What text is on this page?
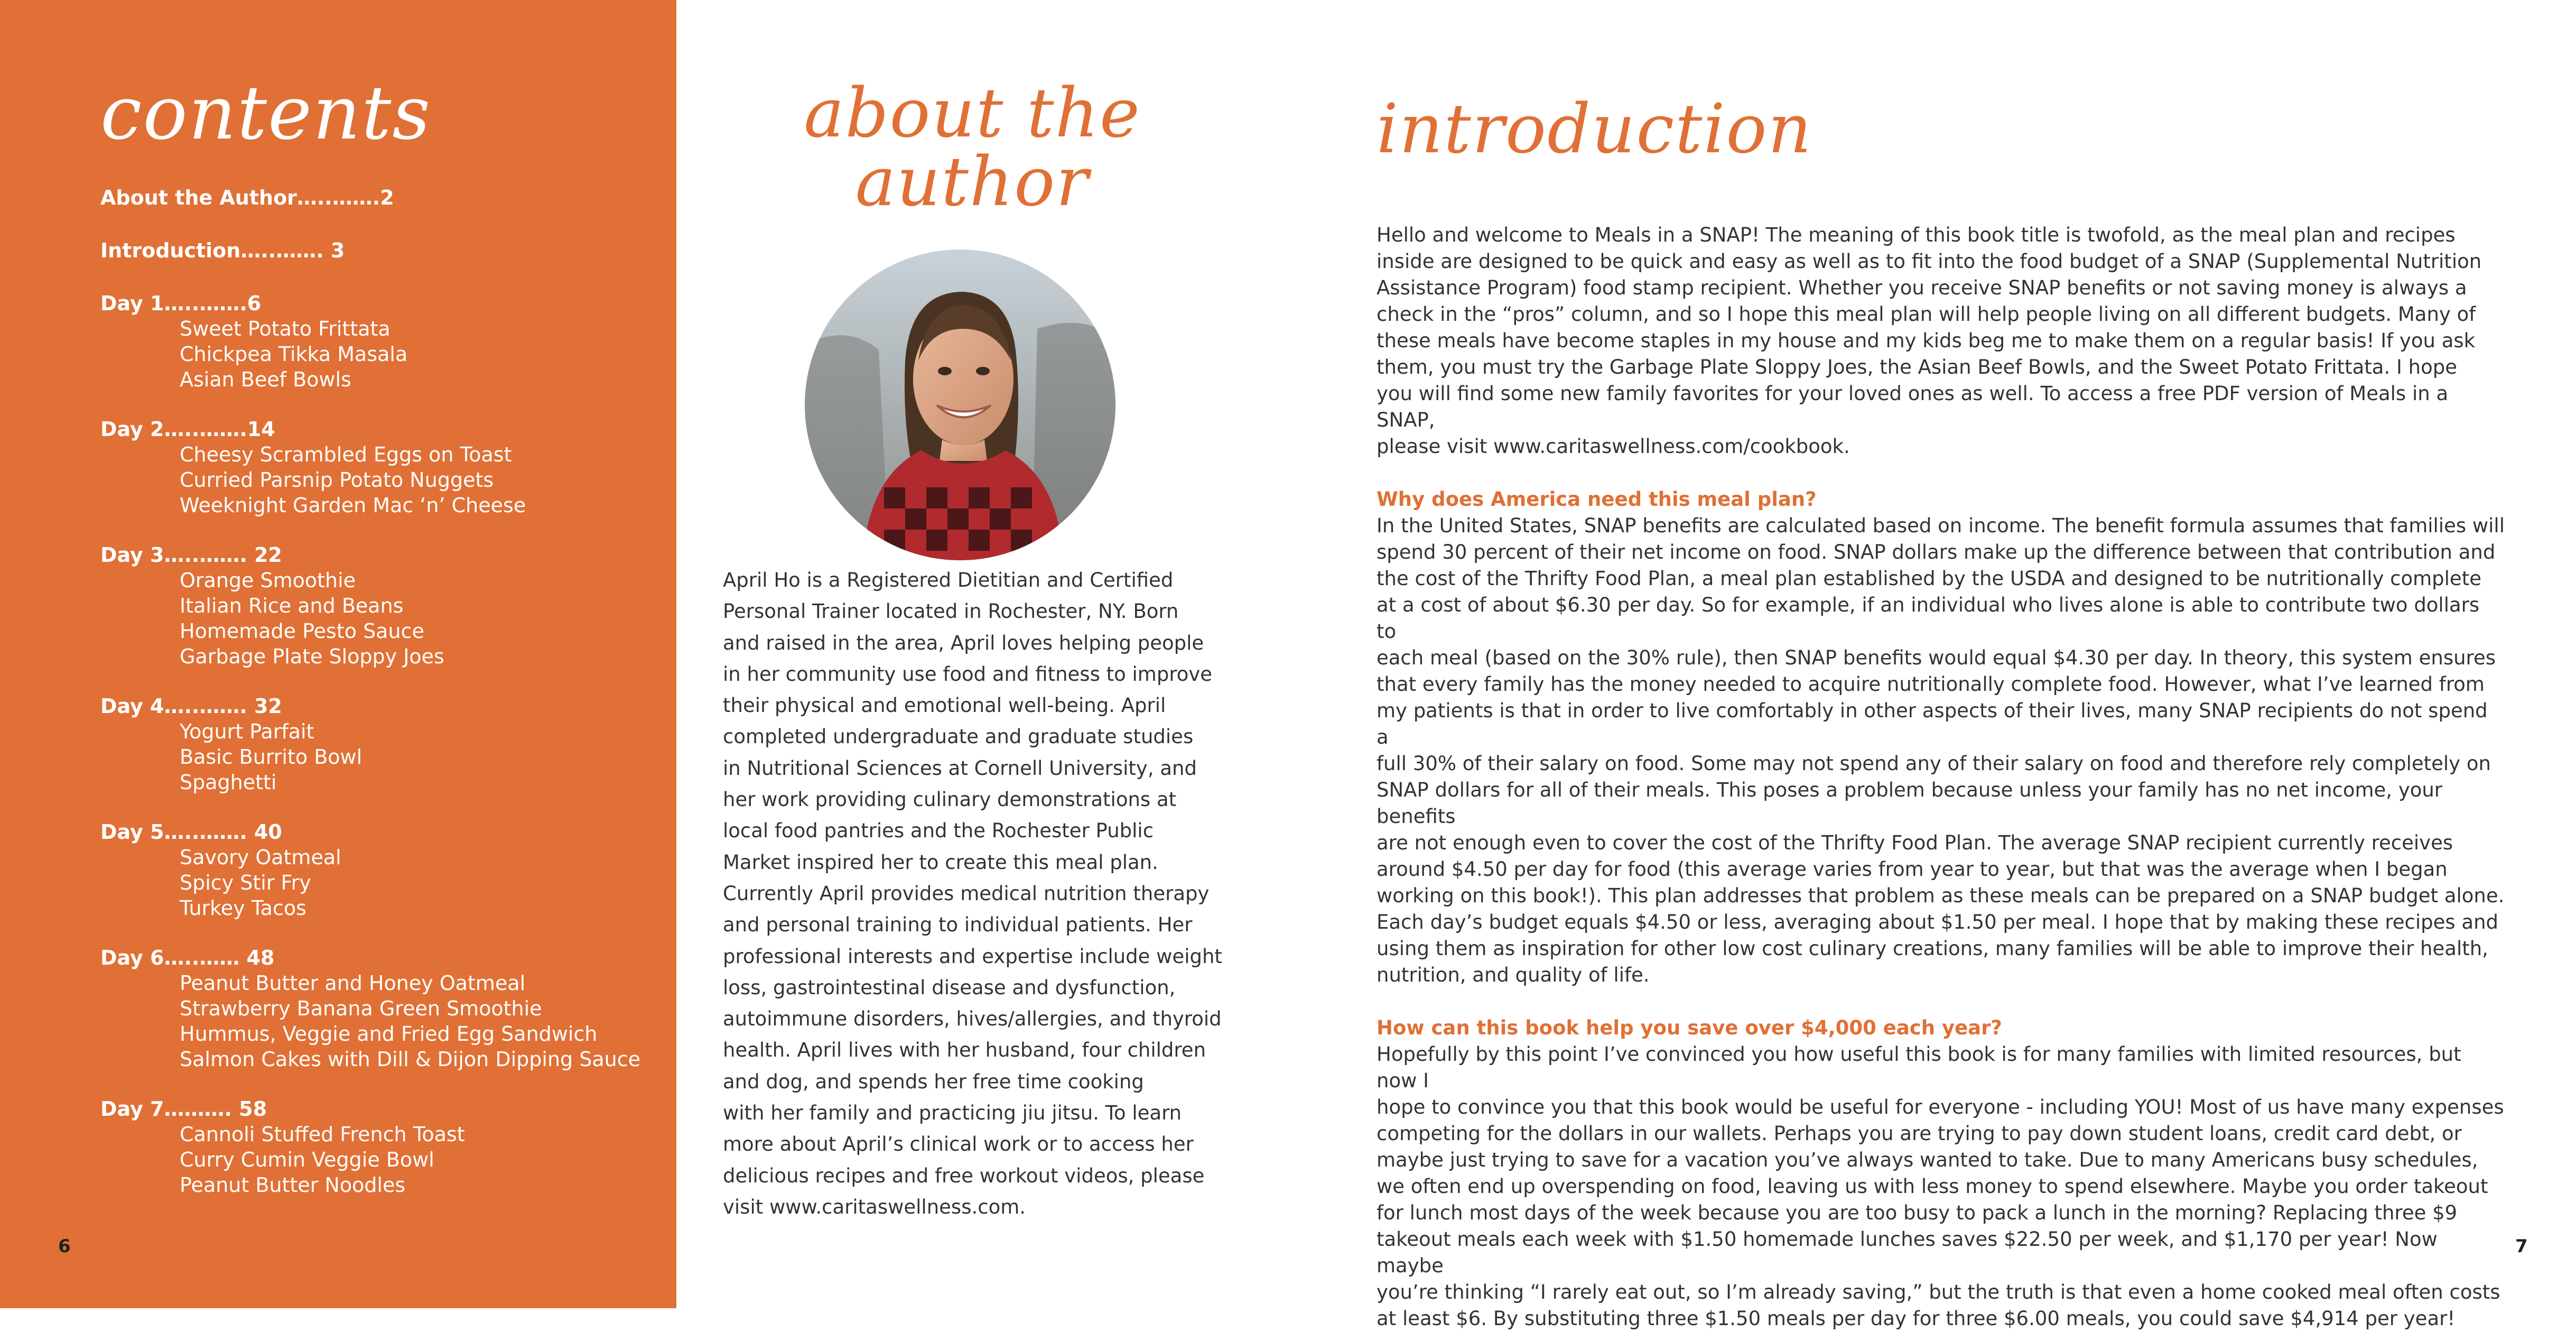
contents

About the Author…..…….2

Introduction…..……. 3

Day 1…..…….6

Sweet Potato Frittata

Chickpea Tikka Masala

Asian Beef Bowls

Day 2…..…….14

Cheesy Scrambled Eggs on Toast

Curried Parsnip Potato Nuggets

Weeknight Garden Mac ‘n’ Cheese

Day 3…..……. 22

Orange Smoothie

Italian Rice and Beans

Homemade Pesto Sauce

Garbage Plate Sloppy Joes

Day 4…..……. 32

Yogurt Parfait

Basic Burrito Bowl

Spaghetti

Day 5…..……. 40

Savory Oatmeal

Spicy Stir Fry

Turkey Tacos

Day 6…..…… 48

Peanut Butter and Honey Oatmeal

Strawberry Banana Green Smoothie

Hummus, Veggie and Fried Egg Sandwich

Salmon Cakes with Dill & Dijon Dipping Sauce

Day 7………. 58

Cannoli Stuffed French Toast

Curry Cumin Veggie Bowl

Peanut Butter Noodles

6
about the
author
April Ho is a Registered Dietitian and Certified
Personal Trainer located in Rochester, NY. Born
and raised in the area, April loves helping people
in her community use food and fitness to improve
their physical and emotional well-being. April
completed undergraduate and graduate studies
in Nutritional Sciences at Cornell University, and
her work providing culinary demonstrations at
local food pantries and the Rochester Public
Market inspired her to create this meal plan.
Currently April provides medical nutrition therapy
and personal training to individual patients. Her
professional interests and expertise include weight
loss, gastrointestinal disease and dysfunction,
autoimmune disorders, hives/allergies, and thyroid
health. April lives with her husband, four children
and dog, and spends her free time cooking
with her family and practicing jiu jitsu. To learn
more about April’s clinical work or to access her
delicious recipes and free workout videos, please
visit www.caritaswellness.com.
introduction

Hello and welcome to Meals in a SNAP! The meaning of this book title is twofold, as the meal plan and recipes

inside are designed to be quick and easy as well as to fit into the food budget of a SNAP (Supplemental Nutrition

Assistance Program) food stamp recipient. Whether you receive SNAP benefits or not saving money is always a

check in the “pros” column, and so I hope this meal plan will help people living on all different budgets. Many of

these meals have become staples in my house and my kids beg me to make them on a regular basis! If you ask

them, you must try the Garbage Plate Sloppy Joes, the Asian Beef Bowls, and the Sweet Potato Frittata. I hope

you will find some new family favorites for your loved ones as well. To access a free PDF version of Meals in a SNAP,

please visit www.caritaswellness.com/cookbook.

Why does America need this meal plan?

In the United States, SNAP benefits are calculated based on income. The benefit formula assumes that families will

spend 30 percent of their net income on food. SNAP dollars make up the difference between that contribution and

the cost of the Thrifty Food Plan, a meal plan established by the USDA and designed to be nutritionally complete

at a cost of about $6.30 per day. So for example, if an individual who lives alone is able to contribute two dollars to

each meal (based on the 30% rule), then SNAP benefits would equal $4.30 per day. In theory, this system ensures

that every family has the money needed to acquire nutritionally complete food. However, what I’ve learned from

my patients is that in order to live comfortably in other aspects of their lives, many SNAP recipients do not spend a

full 30% of their salary on food. Some may not spend any of their salary on food and therefore rely completely on

SNAP dollars for all of their meals. This poses a problem because unless your family has no net income, your benefits

are not enough even to cover the cost of the Thrifty Food Plan. The average SNAP recipient currently receives

around $4.50 per day for food (this average varies from year to year, but that was the average when I began

working on this book!). This plan addresses that problem as these meals can be prepared on a SNAP budget alone.

Each day’s budget equals $4.50 or less, averaging about $1.50 per meal. I hope that by making these recipes and

using them as inspiration for other low cost culinary creations, many families will be able to improve their health,

nutrition, and quality of life.

How can this book help you save over $4,000 each year?

Hopefully by this point I’ve convinced you how useful this book is for many families with limited resources, but now I

hope to convince you that this book would be useful for everyone - including YOU! Most of us have many expenses

competing for the dollars in our wallets. Perhaps you are trying to pay down student loans, credit card debt, or

maybe just trying to save for a vacation you’ve always wanted to take. Due to many Americans busy schedules,

we often end up overspending on food, leaving us with less money to spend elsewhere. Maybe you order takeout

for lunch most days of the week because you are too busy to pack a lunch in the morning? Replacing three $9

takeout meals each week with $1.50 homemade lunches saves $22.50 per week, and $1,170 per year! Now maybe

you’re thinking “I rarely eat out, so I’m already saving,” but the truth is that even a home cooked meal often costs

at least $6. By substituting three $1.50 meals per day for three $6.00 meals, you could save $4,914 per year!

7
